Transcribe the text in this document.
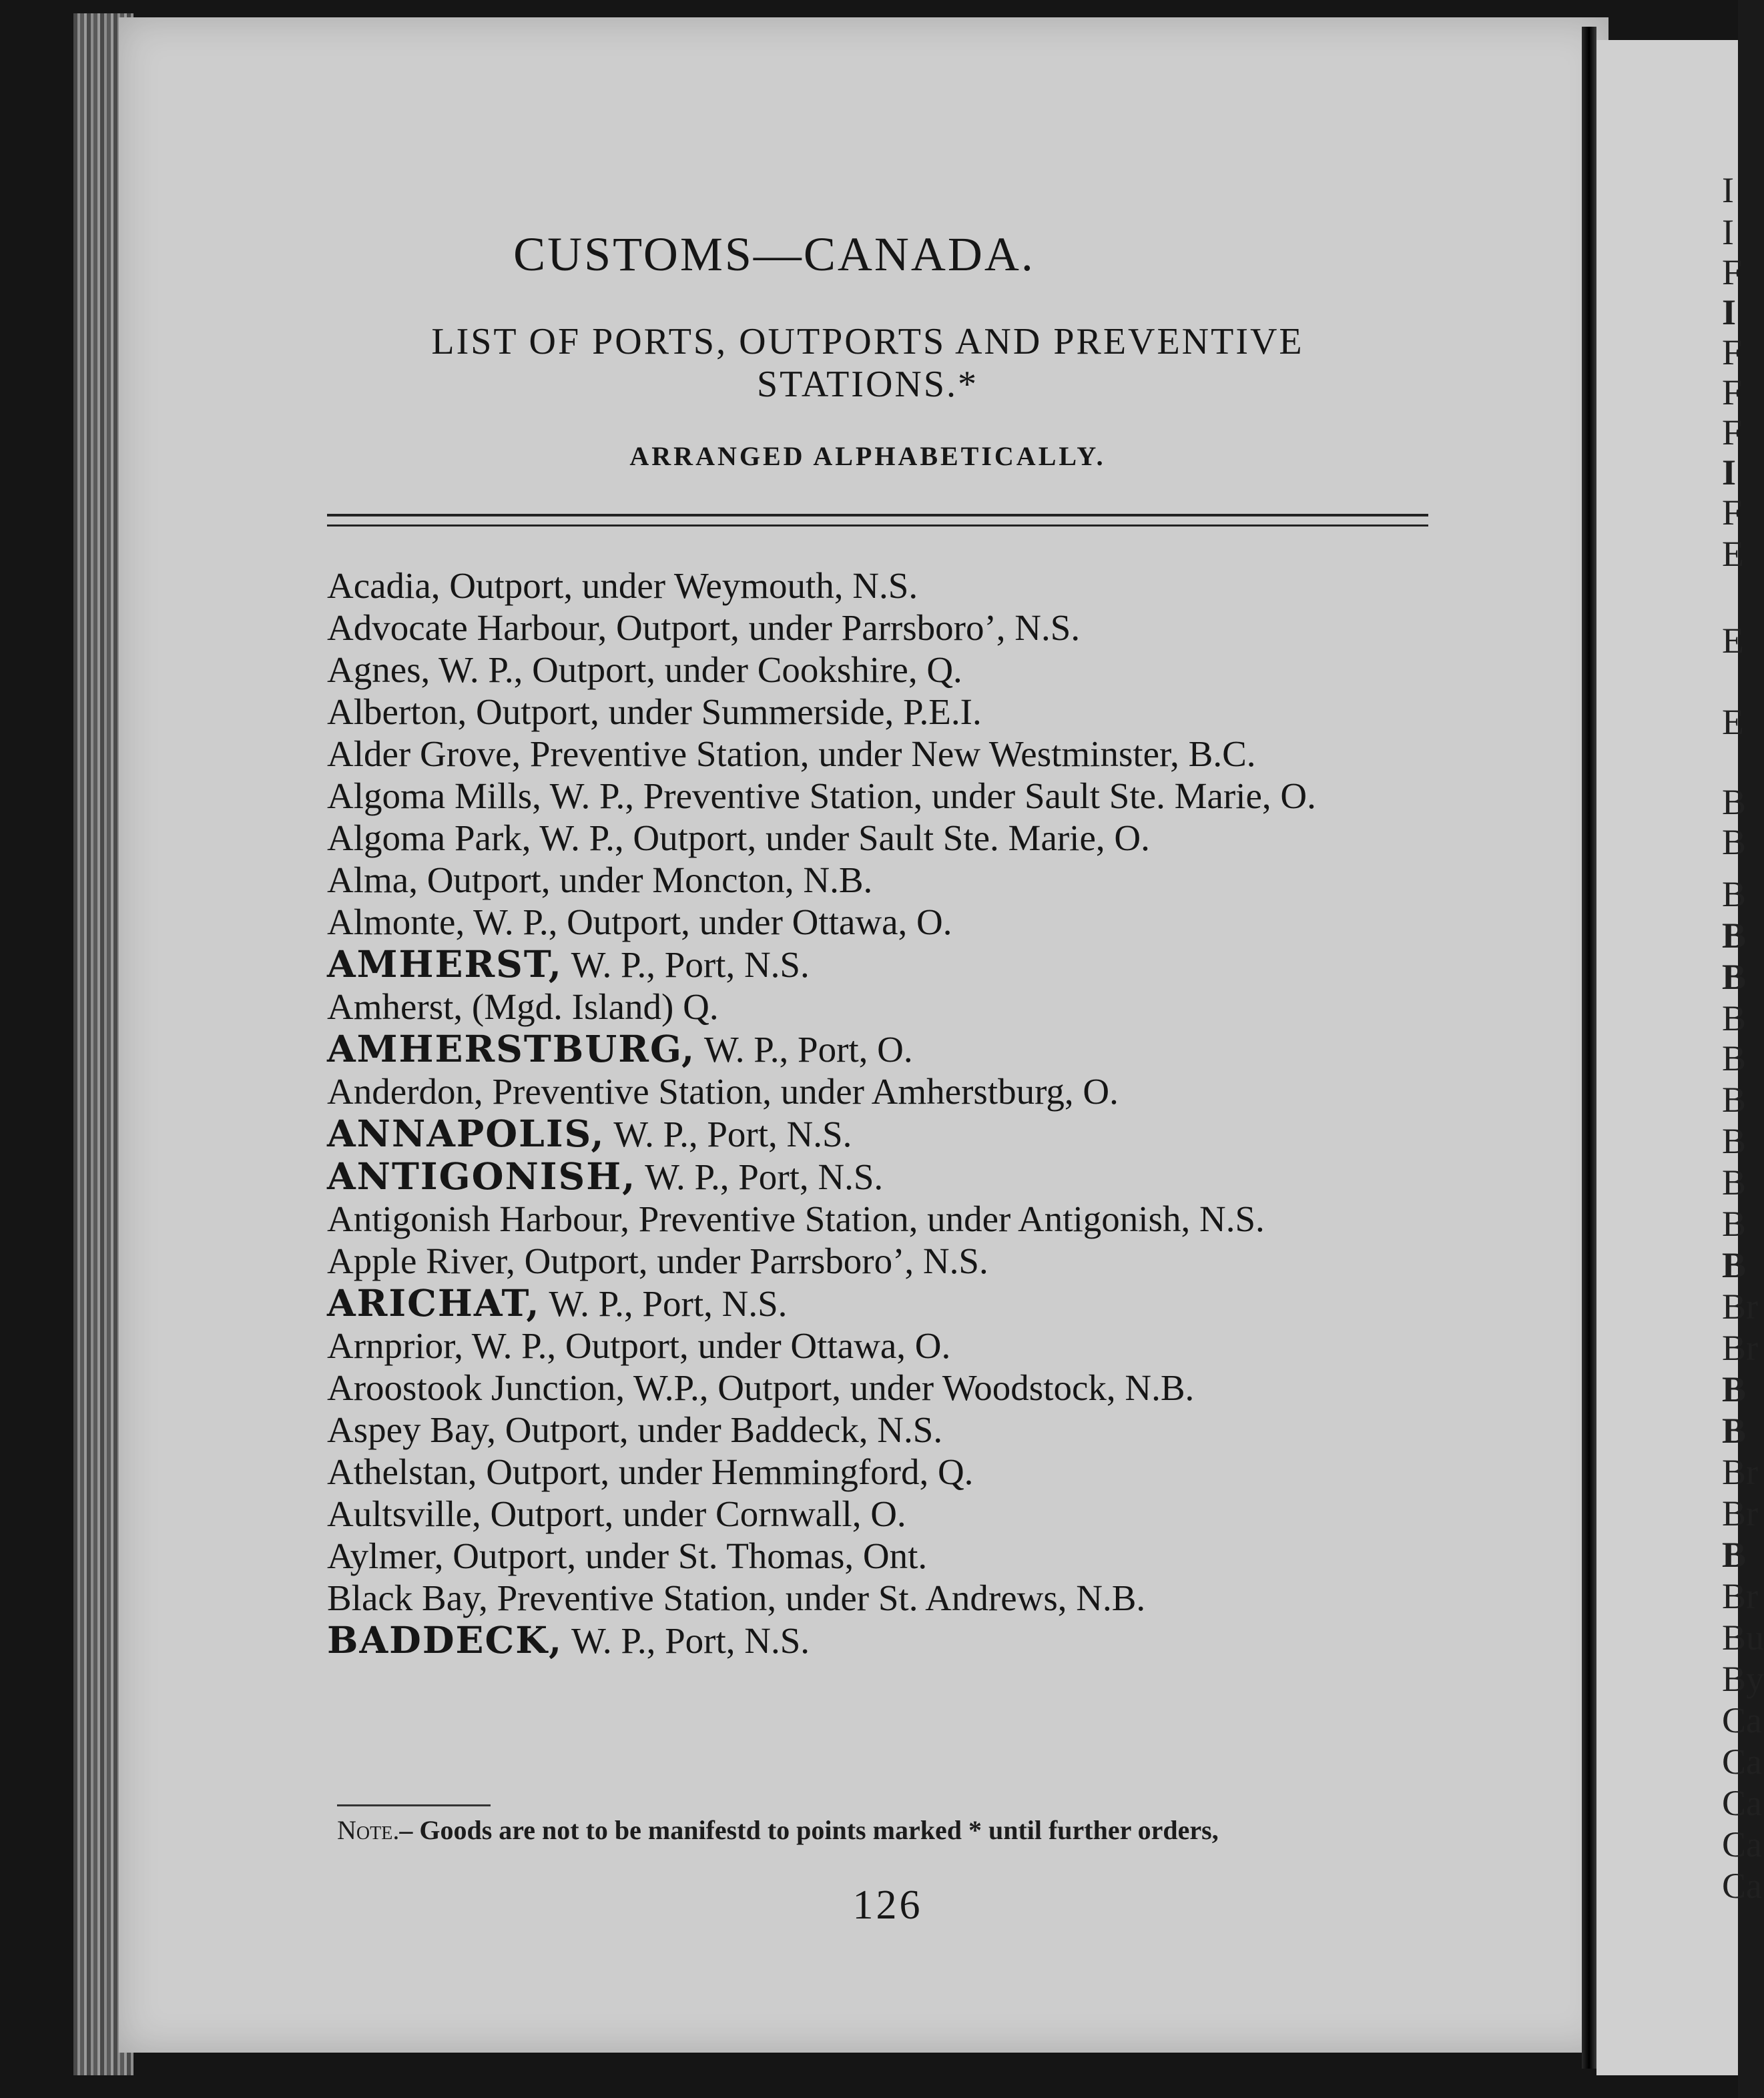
I
I
F
I
F
F
F
I
F
E
E
E
B
B
B
B
B
B
B
B
B
B
B
B
Br
Br
B
B
Br
Br
B
Br
Bu
By
Ca
Ca
Ca
Ca
Ca
CUSTOMS—CANADA.
LIST OF PORTS, OUTPORTS AND PREVENTIVE STATIONS.*
ARRANGED ALPHABETICALLY.
Acadia, Outport, under Weymouth, N.S.
Advocate Harbour, Outport, under Parrsboro’, N.S.
Agnes, W. P., Outport, under Cookshire, Q.
Alberton, Outport, under Summerside, P.E.I.
Alder Grove, Preventive Station, under New Westminster, B.C.
Algoma Mills, W. P., Preventive Station, under Sault Ste. Marie, O.
Algoma Park, W. P., Outport, under Sault Ste. Marie, O.
Alma, Outport, under Moncton, N.B.
Almonte, W. P., Outport, under Ottawa, O.
AMHERST, W. P., Port, N.S.
Amherst, (Mgd. Island) Q.
AMHERSTBURG, W. P., Port, O.
Anderdon, Preventive Station, under Amherstburg, O.
ANNAPOLIS, W. P., Port, N.S.
ANTIGONISH, W. P., Port, N.S.
Antigonish Harbour, Preventive Station, under Antigonish, N.S.
Apple River, Outport, under Parrsboro’, N.S.
ARICHAT, W. P., Port, N.S.
Arnprior, W. P., Outport, under Ottawa, O.
Aroostook Junction, W.P., Outport, under Woodstock, N.B.
Aspey Bay, Outport, under Baddeck, N.S.
Athelstan, Outport, under Hemmingford, Q.
Aultsville, Outport, under Cornwall, O.
Aylmer, Outport, under St. Thomas, Ont.
Black Bay, Preventive Station, under St. Andrews, N.B.
BADDECK, W. P., Port, N.S.
Note.– Goods are not to be manifestd to points marked * until further orders,
126
